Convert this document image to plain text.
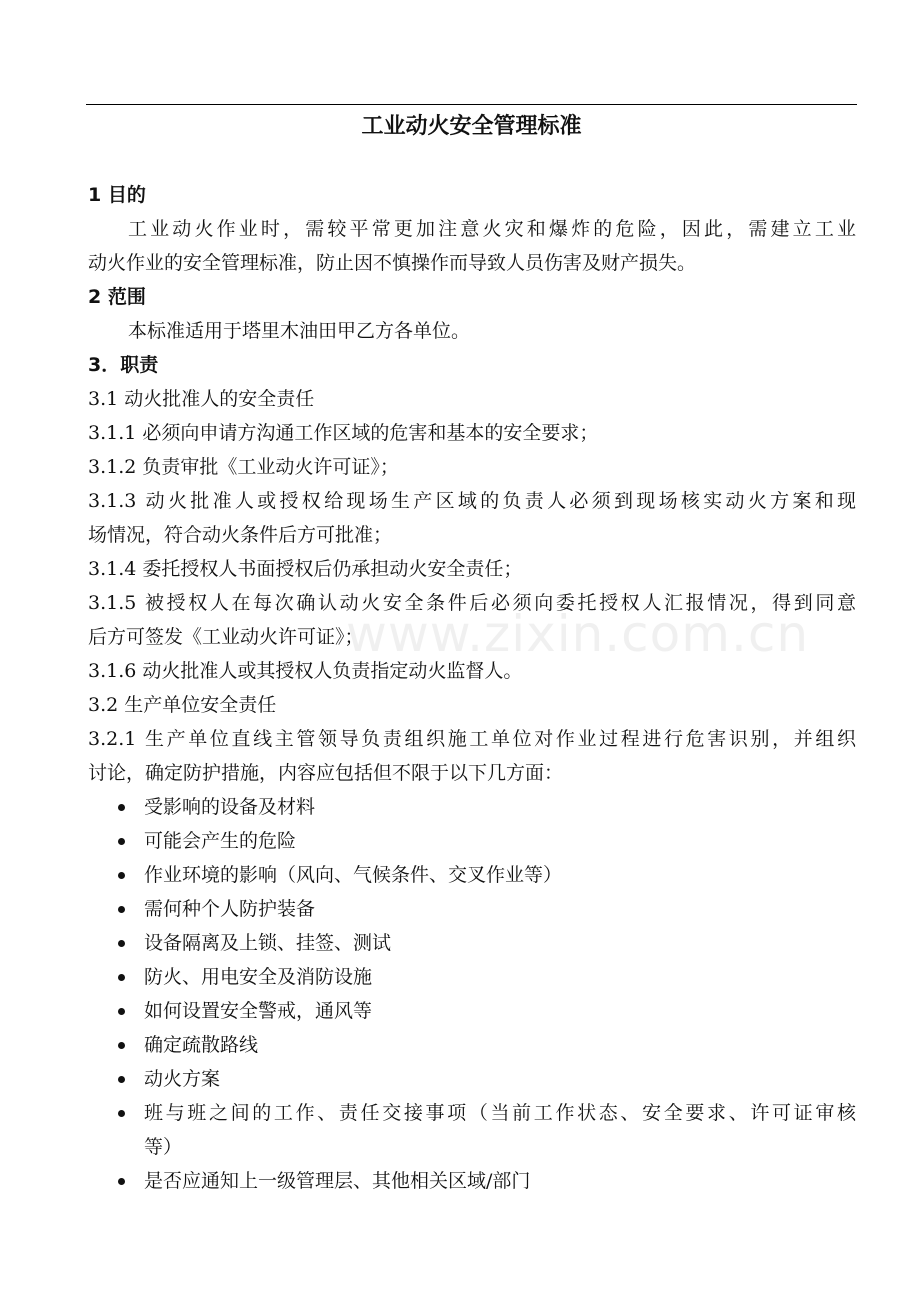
工业动火安全管理标准
1 目的
工业动火作业时，需较平常更加注意火灾和爆炸的危险，因此，需建立工业
动火作业的安全管理标准，防止因不慎操作而导致人员伤害及财产损失。
2 范围
本标准适用于塔里木油田甲乙方各单位。
3．职责
3.1 动火批准人的安全责任
3.1.1 必须向申请方沟通工作区域的危害和基本的安全要求；
3.1.2 负责审批《工业动火许可证》；
3.1.3 动火批准人或授权给现场生产区域的负责人必须到现场核实动火方案和现
场情况，符合动火条件后方可批准；
3.1.4 委托授权人书面授权后仍承担动火安全责任；
3.1.5 被授权人在每次确认动火安全条件后必须向委托授权人汇报情况，得到同意
后方可签发《工业动火许可证》；
3.1.6 动火批准人或其授权人负责指定动火监督人。
3.2 生产单位安全责任
3.2.1 生产单位直线主管领导负责组织施工单位对作业过程进行危害识别，并组织
讨论，确定防护措施，内容应包括但不限于以下几方面：
受影响的设备及材料
可能会产生的危险
作业环境的影响（风向、气候条件、交叉作业等）
需何种个人防护装备
设备隔离及上锁、挂签、测试
防火、用电安全及消防设施
如何设置安全警戒，通风等
确定疏散路线
动火方案
班与班之间的工作、责任交接事项（当前工作状态、安全要求、许可证审核
等）
是否应通知上一级管理层、其他相关区域/部门
www.zixin.com.cn
